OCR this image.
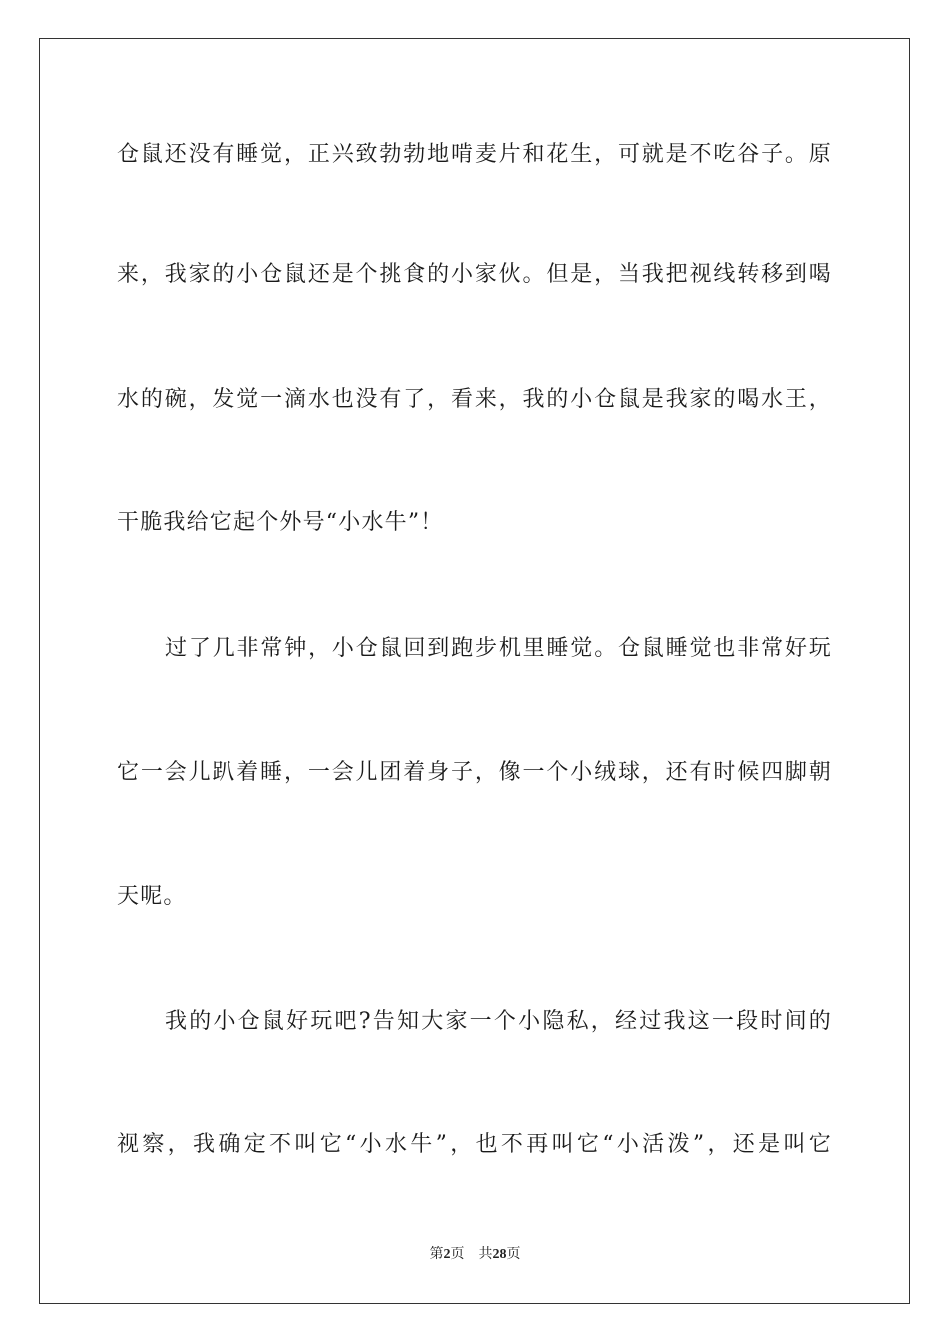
仓鼠还没有睡觉，正兴致勃勃地啃麦片和花生，可就是不吃谷子。原
来，我家的小仓鼠还是个挑食的小家伙。但是，当我把视线转移到喝
水的碗，发觉一滴水也没有了，看来，我的小仓鼠是我家的喝水王，
干脆我给它起个外号“小水牛”！
过了几非常钟，小仓鼠回到跑步机里睡觉。仓鼠睡觉也非常好玩
它一会儿趴着睡，一会儿团着身子，像一个小绒球，还有时候四脚朝
天呢。
我的小仓鼠好玩吧?告知大家一个小隐私，经过我这一段时间的
视察，我确定不叫它“小水牛”，也不再叫它“小活泼”，还是叫它
第2页 共28页
